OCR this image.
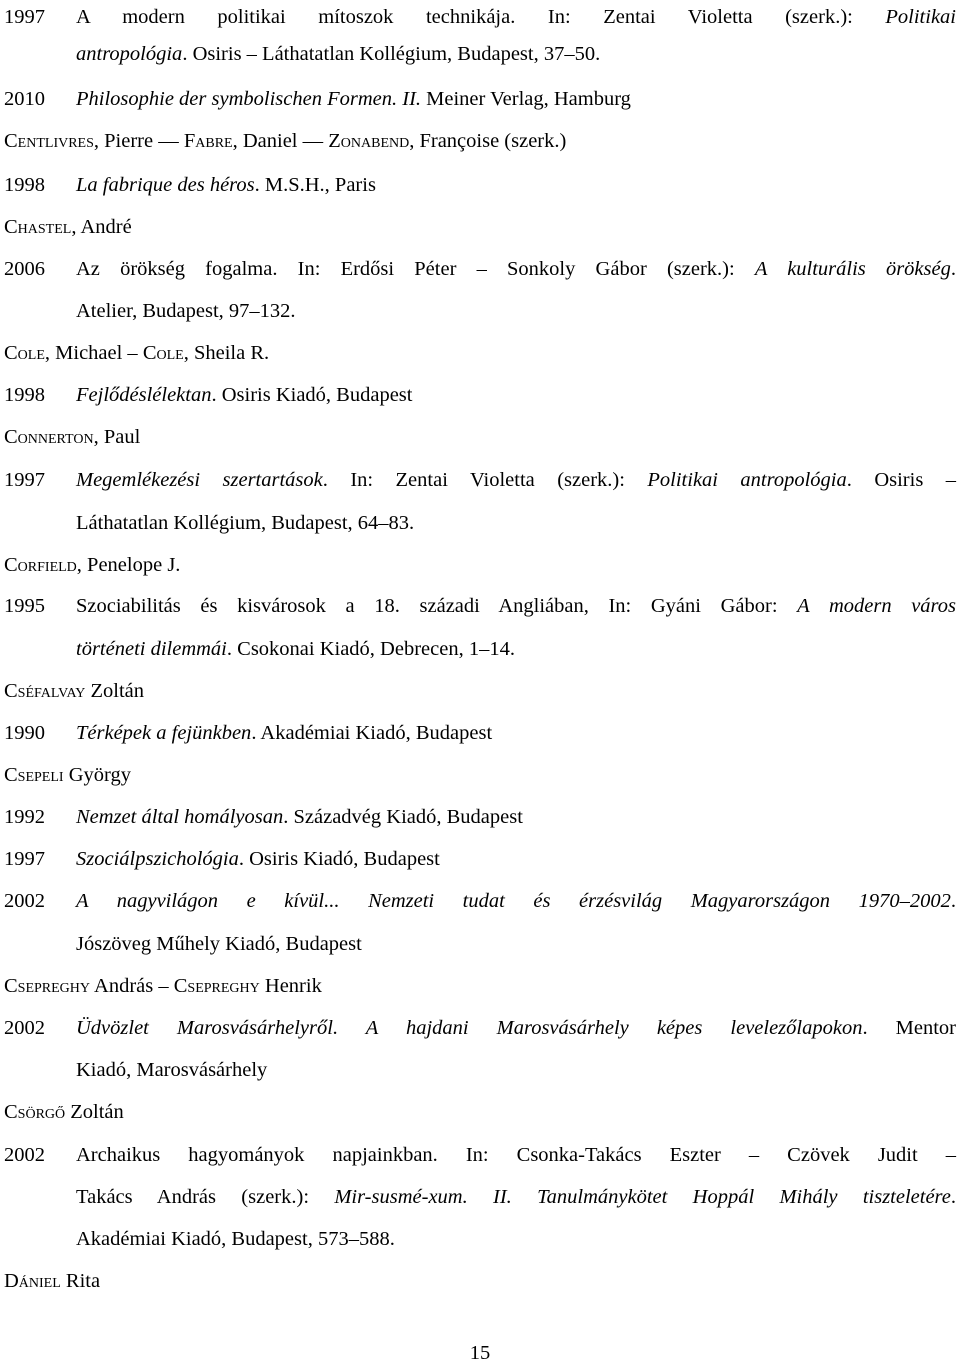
1997 A modern politikai mítoszok technikája. In: Zentai Violetta (szerk.): Politikai
antropológia. Osiris – Láthatatlan Kollégium, Budapest, 37–50.
2010 Philosophie der symbolischen Formen. II. Meiner Verlag, Hamburg
Centlivres, Pierre — Fabre, Daniel — Zonabend, Françoise (szerk.)
1998 La fabrique des héros. M.S.H., Paris
Chastel, André
2006 Az örökség fogalma. In: Erdősi Péter – Sonkoly Gábor (szerk.): A kulturális örökség.
Atelier, Budapest, 97–132.
Cole, Michael – Cole, Sheila R.
1998 Fejlődéslélektan. Osiris Kiadó, Budapest
Connerton, Paul
1997 Megemlékezési szertartások. In: Zentai Violetta (szerk.): Politikai antropológia. Osiris –
Láthatatlan Kollégium, Budapest, 64–83.
Corfield, Penelope J.
1995 Szociabilitás és kisvárosok a 18. századi Angliában, In: Gyáni Gábor: A modern város
történeti dilemmái. Csokonai Kiadó, Debrecen, 1–14.
Cséfalvay Zoltán
1990 Térképek a fejünkben. Akadémiai Kiadó, Budapest
Csepeli György
1992 Nemzet által homályosan. Századvég Kiadó, Budapest
1997 Szociálpszichológia. Osiris Kiadó, Budapest
2002 A nagyvilágon e kívül... Nemzeti tudat és érzésvilág Magyarországon 1970–2002.
Jószöveg Műhely Kiadó, Budapest
Csepreghy András – Csepreghy Henrik
2002 Üdvözlet Marosvásárhelyről. A hajdani Marosvásárhely képes levelezőlapokon. Mentor
Kiadó, Marosvásárhely
Csörgő Zoltán
2002 Archaikus hagyományok napjainkban. In: Csonka-Takács Eszter – Czövek Judit –
Takács András (szerk.): Mir-susmé-xum. II. Tanulmánykötet Hoppál Mihály tiszteletére.
Akadémiai Kiadó, Budapest, 573–588.
Dániel Rita
15
